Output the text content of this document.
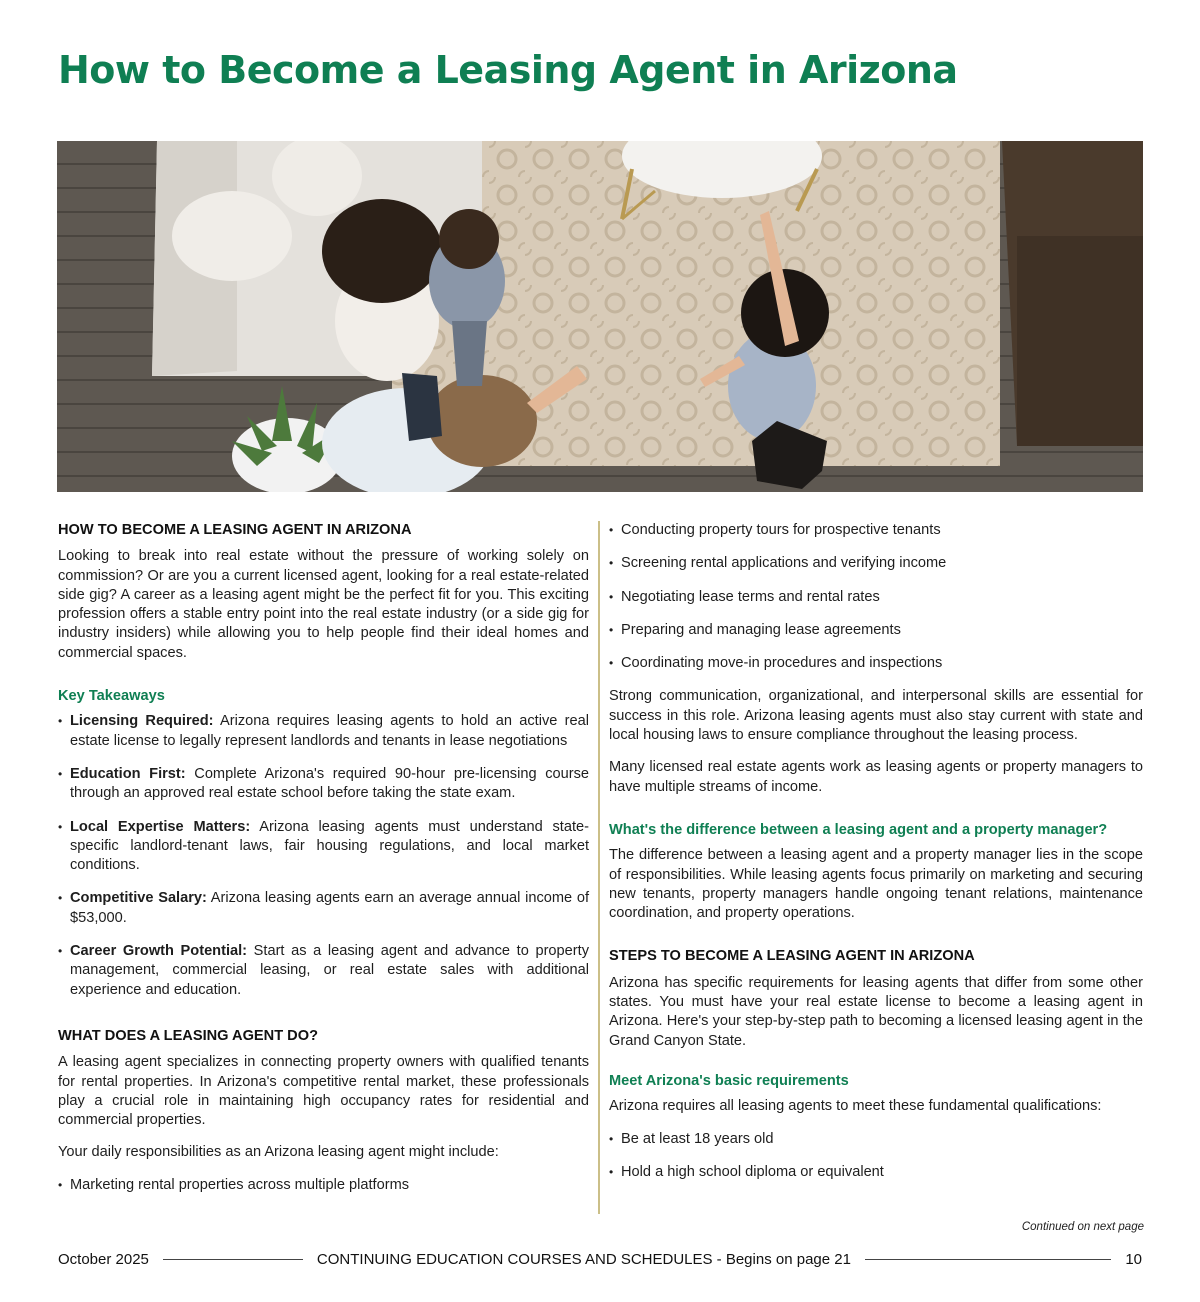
How to Become a Leasing Agent in Arizona
HOW TO BECOME A LEASING AGENT IN ARIZONA

Looking to break into real estate without the pressure of working solely on commission? Or are you a current licensed agent, looking for a real estate-related side gig? A career as a leasing agent might be the perfect fit for you. This exciting profession offers a stable entry point into the real estate industry (or a side gig for industry insiders) while allowing you to help people find their ideal homes and commercial spaces.

Key Takeaways
• Licensing Required: Arizona requires leasing agents to hold an active real estate license to legally represent landlords and tenants in lease negotiations
• Education First: Complete Arizona's required 90-hour pre-licensing course through an approved real estate school before taking the state exam.
• Local Expertise Matters: Arizona leasing agents must understand state-specific landlord-tenant laws, fair housing regulations, and local market conditions.
• Competitive Salary: Arizona leasing agents earn an average annual income of $53,000.
• Career Growth Potential: Start as a leasing agent and advance to property management, commercial leasing, or real estate sales with additional experience and education.
WHAT DOES A LEASING AGENT DO?

A leasing agent specializes in connecting property owners with qualified tenants for rental properties. In Arizona's competitive rental market, these professionals play a crucial role in maintaining high occupancy rates for residential and commercial properties.

Your daily responsibilities as an Arizona leasing agent might include:

• Marketing rental properties across multiple platforms
• Conducting property tours for prospective tenants
• Screening rental applications and verifying income
• Negotiating lease terms and rental rates
• Preparing and managing lease agreements
• Coordinating move-in procedures and inspections

Strong communication, organizational, and interpersonal skills are essential for success in this role. Arizona leasing agents must also stay current with state and local housing laws to ensure compliance throughout the leasing process.

Many licensed real estate agents work as leasing agents or property managers to have multiple streams of income.

What's the difference between a leasing agent and a property manager?

The difference between a leasing agent and a property manager lies in the scope of responsibilities. While leasing agents focus primarily on marketing and securing new tenants, property managers handle ongoing tenant relations, maintenance coordination, and property operations.

STEPS TO BECOME A LEASING AGENT IN ARIZONA

Arizona has specific requirements for leasing agents that differ from some other states. You must have your real estate license to become a leasing agent in Arizona. Here's your step-by-step path to becoming a licensed leasing agent in the Grand Canyon State.

Meet Arizona's basic requirements

Arizona requires all leasing agents to meet these fundamental qualifications:

• Be at least 18 years old
• Hold a high school diploma or equivalent
Continued on next page
October 2025	CONTINUING EDUCATION COURSES AND SCHEDULES - Begins on page 21	10
